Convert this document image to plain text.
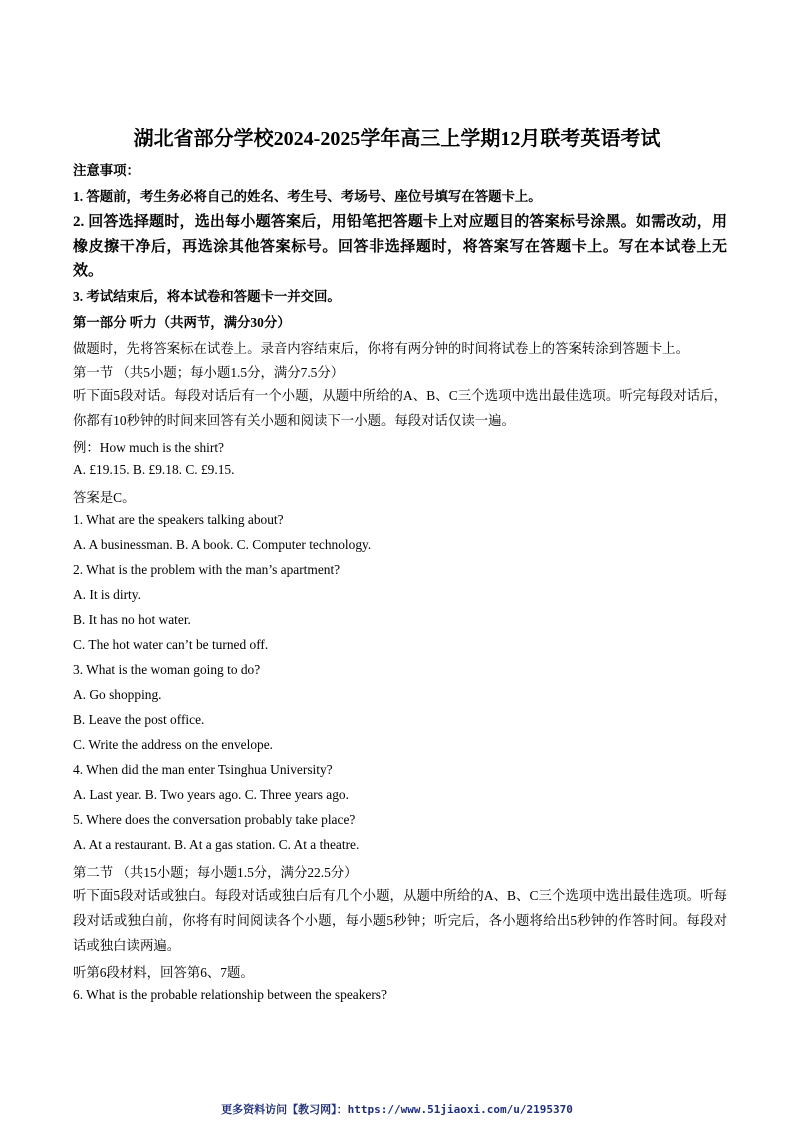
湖北省部分学校2024-2025学年高三上学期12月联考英语考试
注意事项：
1. 答题前，考生务必将自己的姓名、考生号、考场号、座位号填写在答题卡上。
2. 回答选择题时，选出每小题答案后，用铅笔把答题卡上对应题目的答案标号涂黑。如需改动，用橡皮擦干净后，再选涂其他答案标号。回答非选择题时，将答案写在答题卡上。写在本试卷上无效。
3. 考试结束后，将本试卷和答题卡一并交回。
第一部分 听力（共两节，满分30分）
做题时，先将答案标在试卷上。录音内容结束后，你将有两分钟的时间将试卷上的答案转涂到答题卡上。
第一节 （共5小题；每小题1.5分，满分7.5分）
听下面5段对话。每段对话后有一个小题，从题中所给的A、B、C三个选项中选出最佳选项。听完每段对话后，你都有10秒钟的时间来回答有关小题和阅读下一小题。每段对话仅读一遍。
例：How much is the shirt?
A. £19.15. B. £9.18. C. £9.15.
答案是C。
1. What are the speakers talking about?
A. A businessman. B. A book. C. Computer technology.
2. What is the problem with the man’s apartment?
A. It is dirty.
B. It has no hot water.
C. The hot water can’t be turned off.
3. What is the woman going to do?
A. Go shopping.
B. Leave the post office.
C. Write the address on the envelope.
4. When did the man enter Tsinghua University?
A. Last year. B. Two years ago. C. Three years ago.
5. Where does the conversation probably take place?
A. At a restaurant. B. At a gas station. C. At a theatre.
第二节 （共15小题；每小题1.5分，满分22.5分）
听下面5段对话或独白。每段对话或独白后有几个小题，从题中所给的A、B、C三个选项中选出最佳选项。听每段对话或独白前，你将有时间阅读各个小题，每小题5秒钟；听完后，各小题将给出5秒钟的作答时间。每段对话或独白读两遍。
听第6段材料，回答第6、7题。
6. What is the probable relationship between the speakers?
更多资料访问【教习网】：https://www.51jiaoxi.com/u/2195370
